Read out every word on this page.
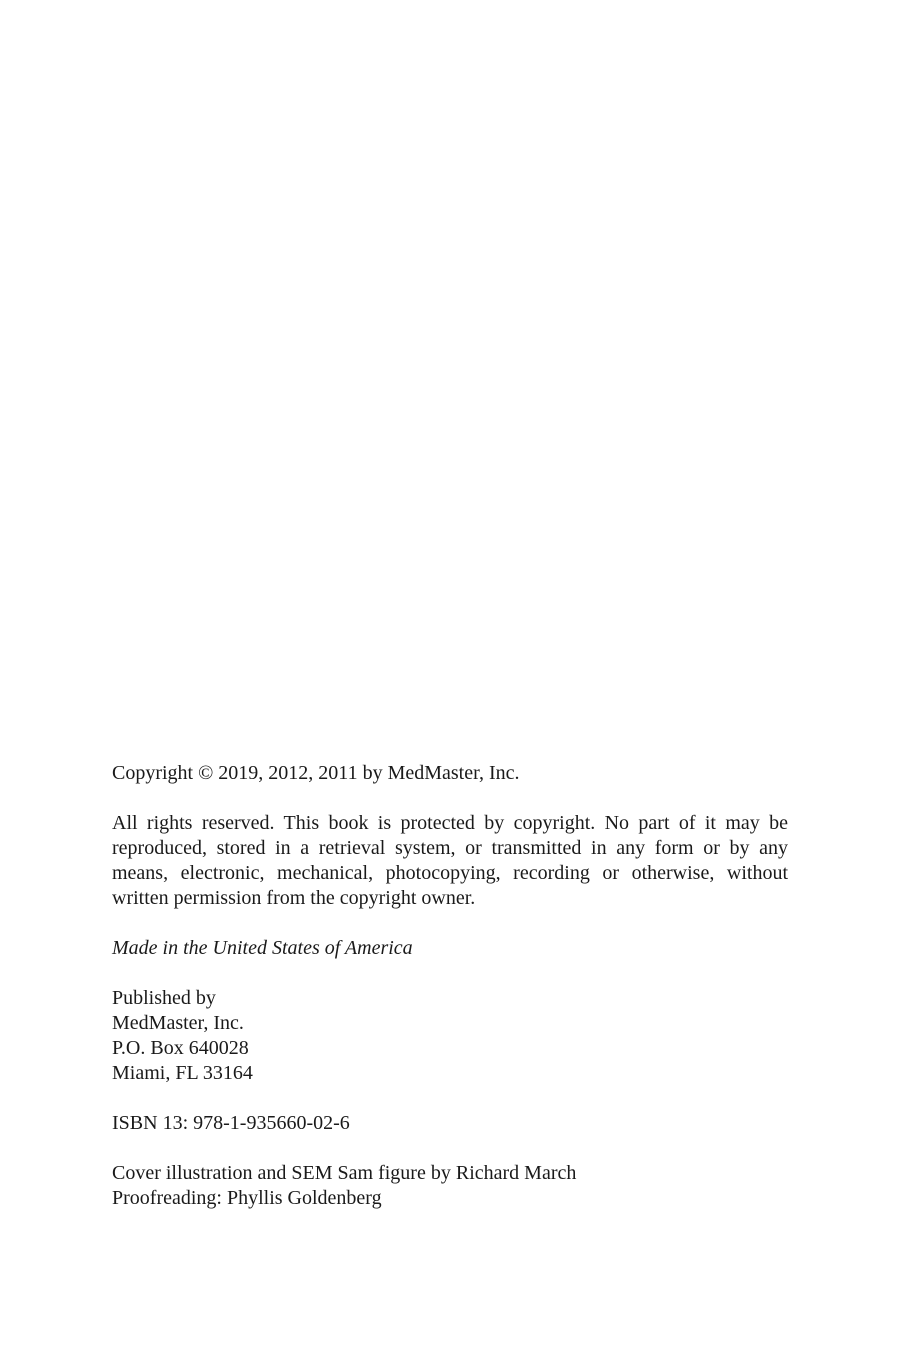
Copyright © 2019, 2012, 2011 by MedMaster, Inc.

All rights reserved. This book is protected by copyright. No part of it may be reproduced, stored in a retrieval system, or transmitted in any form or by any means, electronic, mechanical, photocopying, recording or otherwise, without written permission from the copyright owner.

Made in the United States of America

Published by
MedMaster, Inc.
P.O. Box 640028
Miami, FL 33164

ISBN 13: 978-1-935660-02-6

Cover illustration and SEM Sam figure by Richard March
Proofreading: Phyllis Goldenberg
